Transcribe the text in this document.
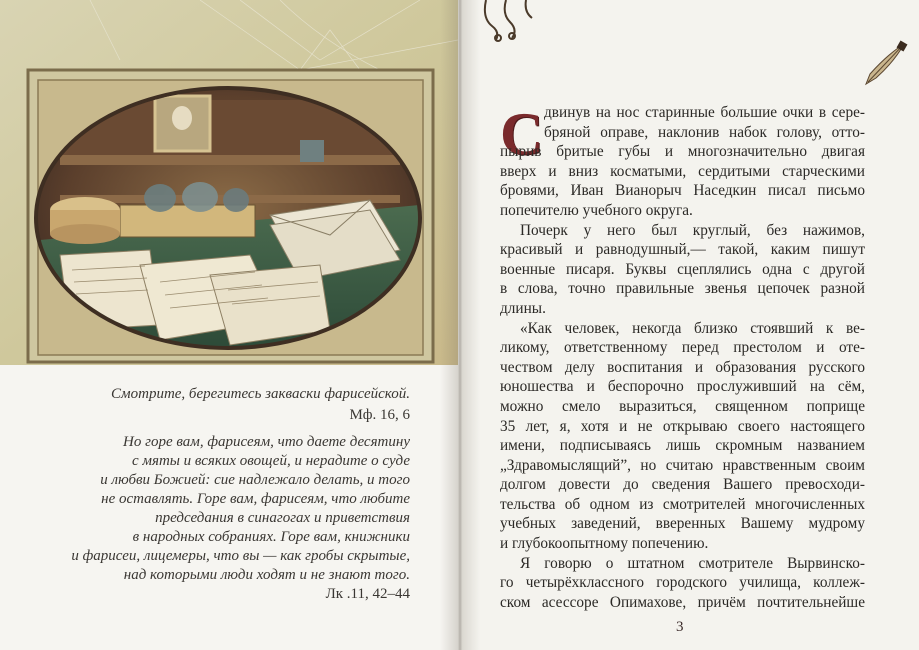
Смотрите, берегитесь закваски фарисейской.
Мф. 16, 6
Но горе вам, фарисеям, что даете десятину
с мяты и всяких овощей, и нерадите о суде
и любви Божией: сие надлежало делать, и того
не оставлять. Горе вам, фарисеям, что любите
председания в синагогах и приветствия
в народных собраниях. Горе вам, книжники
и фарисеи, лицемеры, что вы — как гробы скрытые,
над которыми люди ходят и не знают того.
Лк .11, 42–44
С двинув на нос старинные большие очки в сере-
бряной оправе, наклонив набок голову, отто-
пырив бритые губы и многозначительно двигая
вверх и вниз косматыми, сердитыми старческими
бровями, Иван Вианорыч Наседкин писал письмо
попечителю учебного округа.
Почерк у него был круглый, без нажимов,
красивый и равнодушный,— такой, каким пишут
военные писаря. Буквы сцеплялись одна с другой
в слова, точно правильные звенья цепочек разной
длины.
«Как человек, некогда близко стоявший к ве-
ликому, ответственному перед престолом и оте-
чеством делу воспитания и образования русского
юношества и беспорочно прослуживший на сём,
можно смело выразиться, священном поприще
35 лет, я, хотя и не открываю своего настоящего
имени, подписываясь лишь скромным названием
„Здравомыслящий”, но считаю нравственным своим
долгом довести до сведения Вашего превосходи-
тельства об одном из смотрителей многочисленных
учебных заведений, вверенных Вашему мудрому
и глубокоопытному попечению.
Я говорю о штатном смотрителе Вырвинско-
го четырёхклассного городского училища, коллеж-
ском асессоре Опимахове, причём почтительнейше
3
